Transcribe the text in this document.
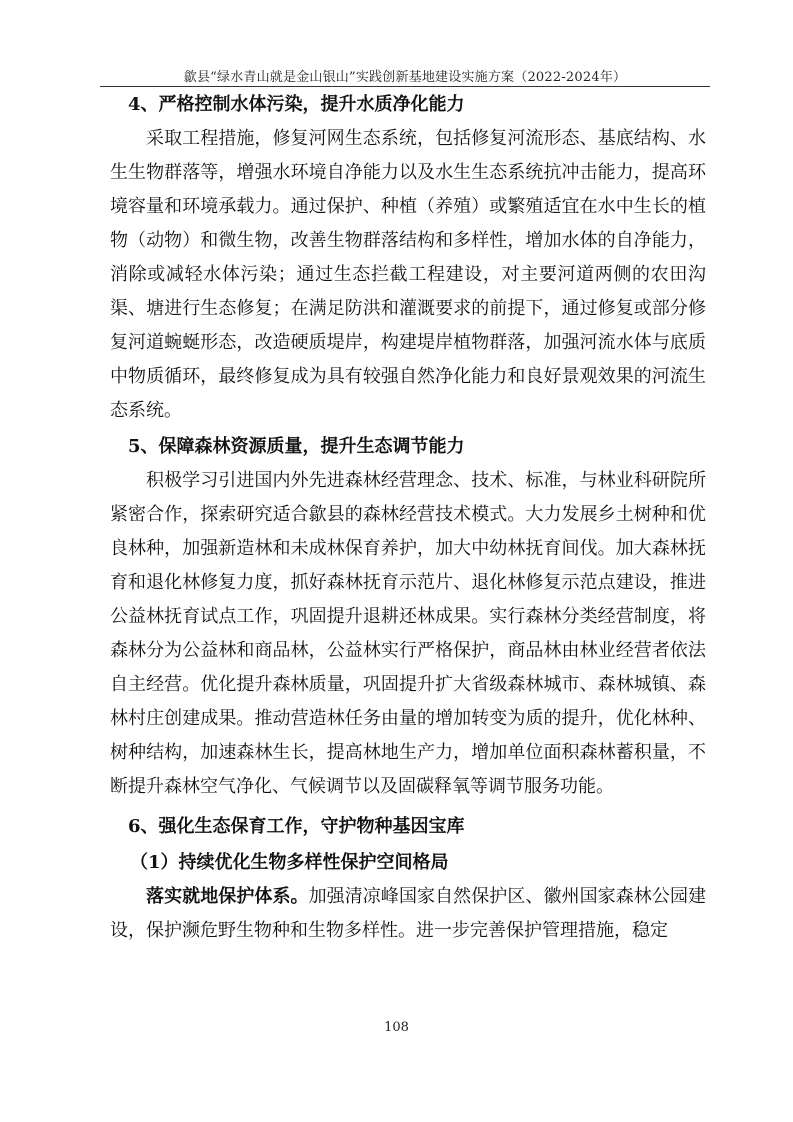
歙县“绿水青山就是金山银山”实践创新基地建设实施方案（2022-2024年）
4、严格控制水体污染，提升水质净化能力

采取工程措施，修复河网生态系统，包括修复河流形态、基底结构、水生生物群落等，增强水环境自净能力以及水生生态系统抗冲击能力，提高环境容量和环境承载力。通过保护、种植（养殖）或繁殖适宜在水中生长的植物（动物）和微生物，改善生物群落结构和多样性，增加水体的自净能力，消除或减轻水体污染；通过生态拦截工程建设，对主要河道两侧的农田沟渠、塘进行生态修复；在满足防洪和灌溉要求的前提下，通过修复或部分修复河道蜿蜒形态，改造硬质堤岸，构建堤岸植物群落，加强河流水体与底质中物质循环，最终修复成为具有较强自然净化能力和良好景观效果的河流生态系统。

5、保障森林资源质量，提升生态调节能力

积极学习引进国内外先进森林经营理念、技术、标准，与林业科研院所紧密合作，探索研究适合歙县的森林经营技术模式。大力发展乡土树种和优良林种，加强新造林和未成林保育养护，加大中幼林抚育间伐。加大森林抚育和退化林修复力度，抓好森林抚育示范片、退化林修复示范点建设，推进公益林抚育试点工作，巩固提升退耕还林成果。实行森林分类经营制度，将森林分为公益林和商品林，公益林实行严格保护，商品林由林业经营者依法自主经营。优化提升森林质量，巩固提升扩大省级森林城市、森林城镇、森林村庄创建成果。推动营造林任务由量的增加转变为质的提升，优化林种、树种结构，加速森林生长，提高林地生产力，增加单位面积森林蓄积量，不断提升森林空气净化、气候调节以及固碳释氧等调节服务功能。

6、强化生态保育工作，守护物种基因宝库
（1）持续优化生物多样性保护空间格局

落实就地保护体系。加强清凉峰国家自然保护区、徽州国家森林公园建设，保护濒危野生物种和生物多样性。进一步完善保护管理措施，稳定

108
